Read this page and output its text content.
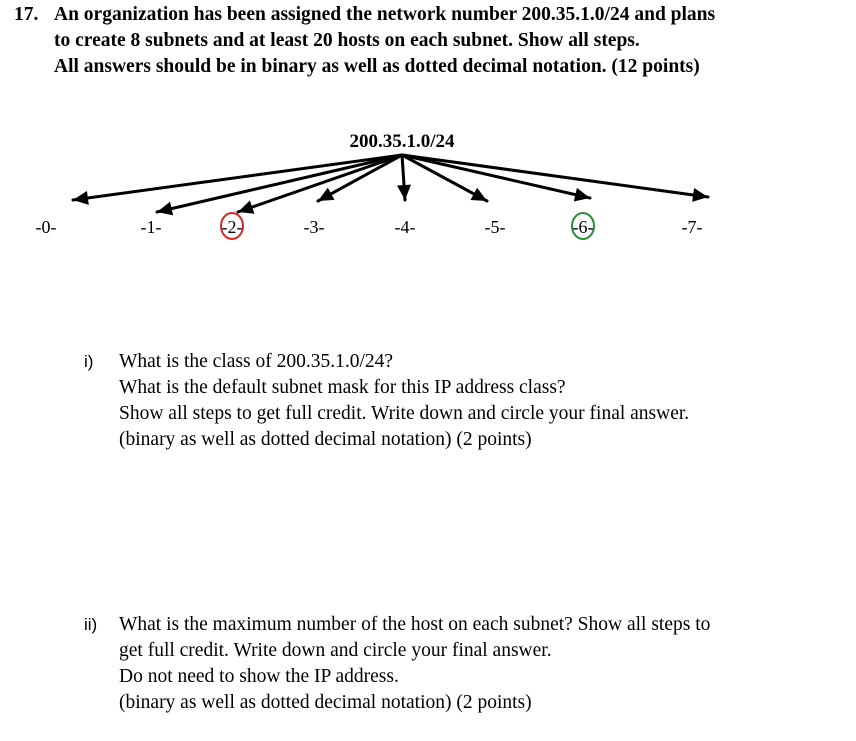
17. An organization has been assigned the network number 200.35.1.0/24 and plans
to create 8 subnets and at least 20 hosts on each subnet. Show all steps.
All answers should be in binary as well as dotted decimal notation. (12 points)
200.35.1.0/24
-0-	-1-	-2-	-3-	-4-	-5-	-6-	-7-
i) What is the class of 200.35.1.0/24?
What is the default subnet mask for this IP address class?
Show all steps to get full credit. Write down and circle your final answer.
(binary as well as dotted decimal notation) (2 points)
ii) What is the maximum number of the host on each subnet? Show all steps to
get full credit. Write down and circle your final answer.
Do not need to show the IP address.
(binary as well as dotted decimal notation) (2 points)
